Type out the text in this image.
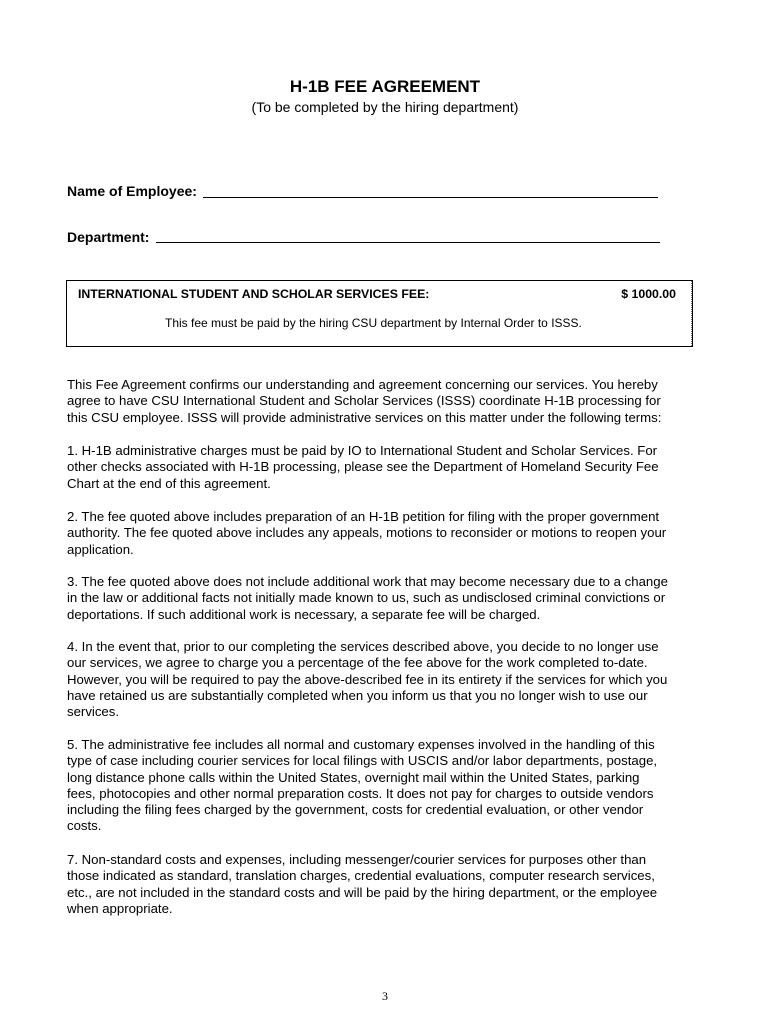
H-1B FEE AGREEMENT
(To be completed by the hiring department)
Name of Employee:
Department:
INTERNATIONAL STUDENT AND SCHOLAR SERVICES FEE:	$ 1000.00
This fee must be paid by the hiring CSU department by Internal Order to ISSS.

This Fee Agreement confirms our understanding and agreement concerning our services. You hereby
agree to have CSU International Student and Scholar Services (ISSS) coordinate H-1B processing for
this CSU employee. ISSS will provide administrative services on this matter under the following terms:

1. H-1B administrative charges must be paid by IO to International Student and Scholar Services. For
other checks associated with H-1B processing, please see the Department of Homeland Security Fee
Chart at the end of this agreement.

2. The fee quoted above includes preparation of an H-1B petition for filing with the proper government
authority. The fee quoted above includes any appeals, motions to reconsider or motions to reopen your
application.

3. The fee quoted above does not include additional work that may become necessary due to a change
in the law or additional facts not initially made known to us, such as undisclosed criminal convictions or
deportations. If such additional work is necessary, a separate fee will be charged.

4. In the event that, prior to our completing the services described above, you decide to no longer use
our services, we agree to charge you a percentage of the fee above for the work completed to-date.
However, you will be required to pay the above-described fee in its entirety if the services for which you
have retained us are substantially completed when you inform us that you no longer wish to use our
services.

5. The administrative fee includes all normal and customary expenses involved in the handling of this
type of case including courier services for local filings with USCIS and/or labor departments, postage,
long distance phone calls within the United States, overnight mail within the United States, parking
fees, photocopies and other normal preparation costs. It does not pay for charges to outside vendors
including the filing fees charged by the government, costs for credential evaluation, or other vendor
costs.

7. Non-standard costs and expenses, including messenger/courier services for purposes other than
those indicated as standard, translation charges, credential evaluations, computer research services,
etc., are not included in the standard costs and will be paid by the hiring department, or the employee
when appropriate.

3
